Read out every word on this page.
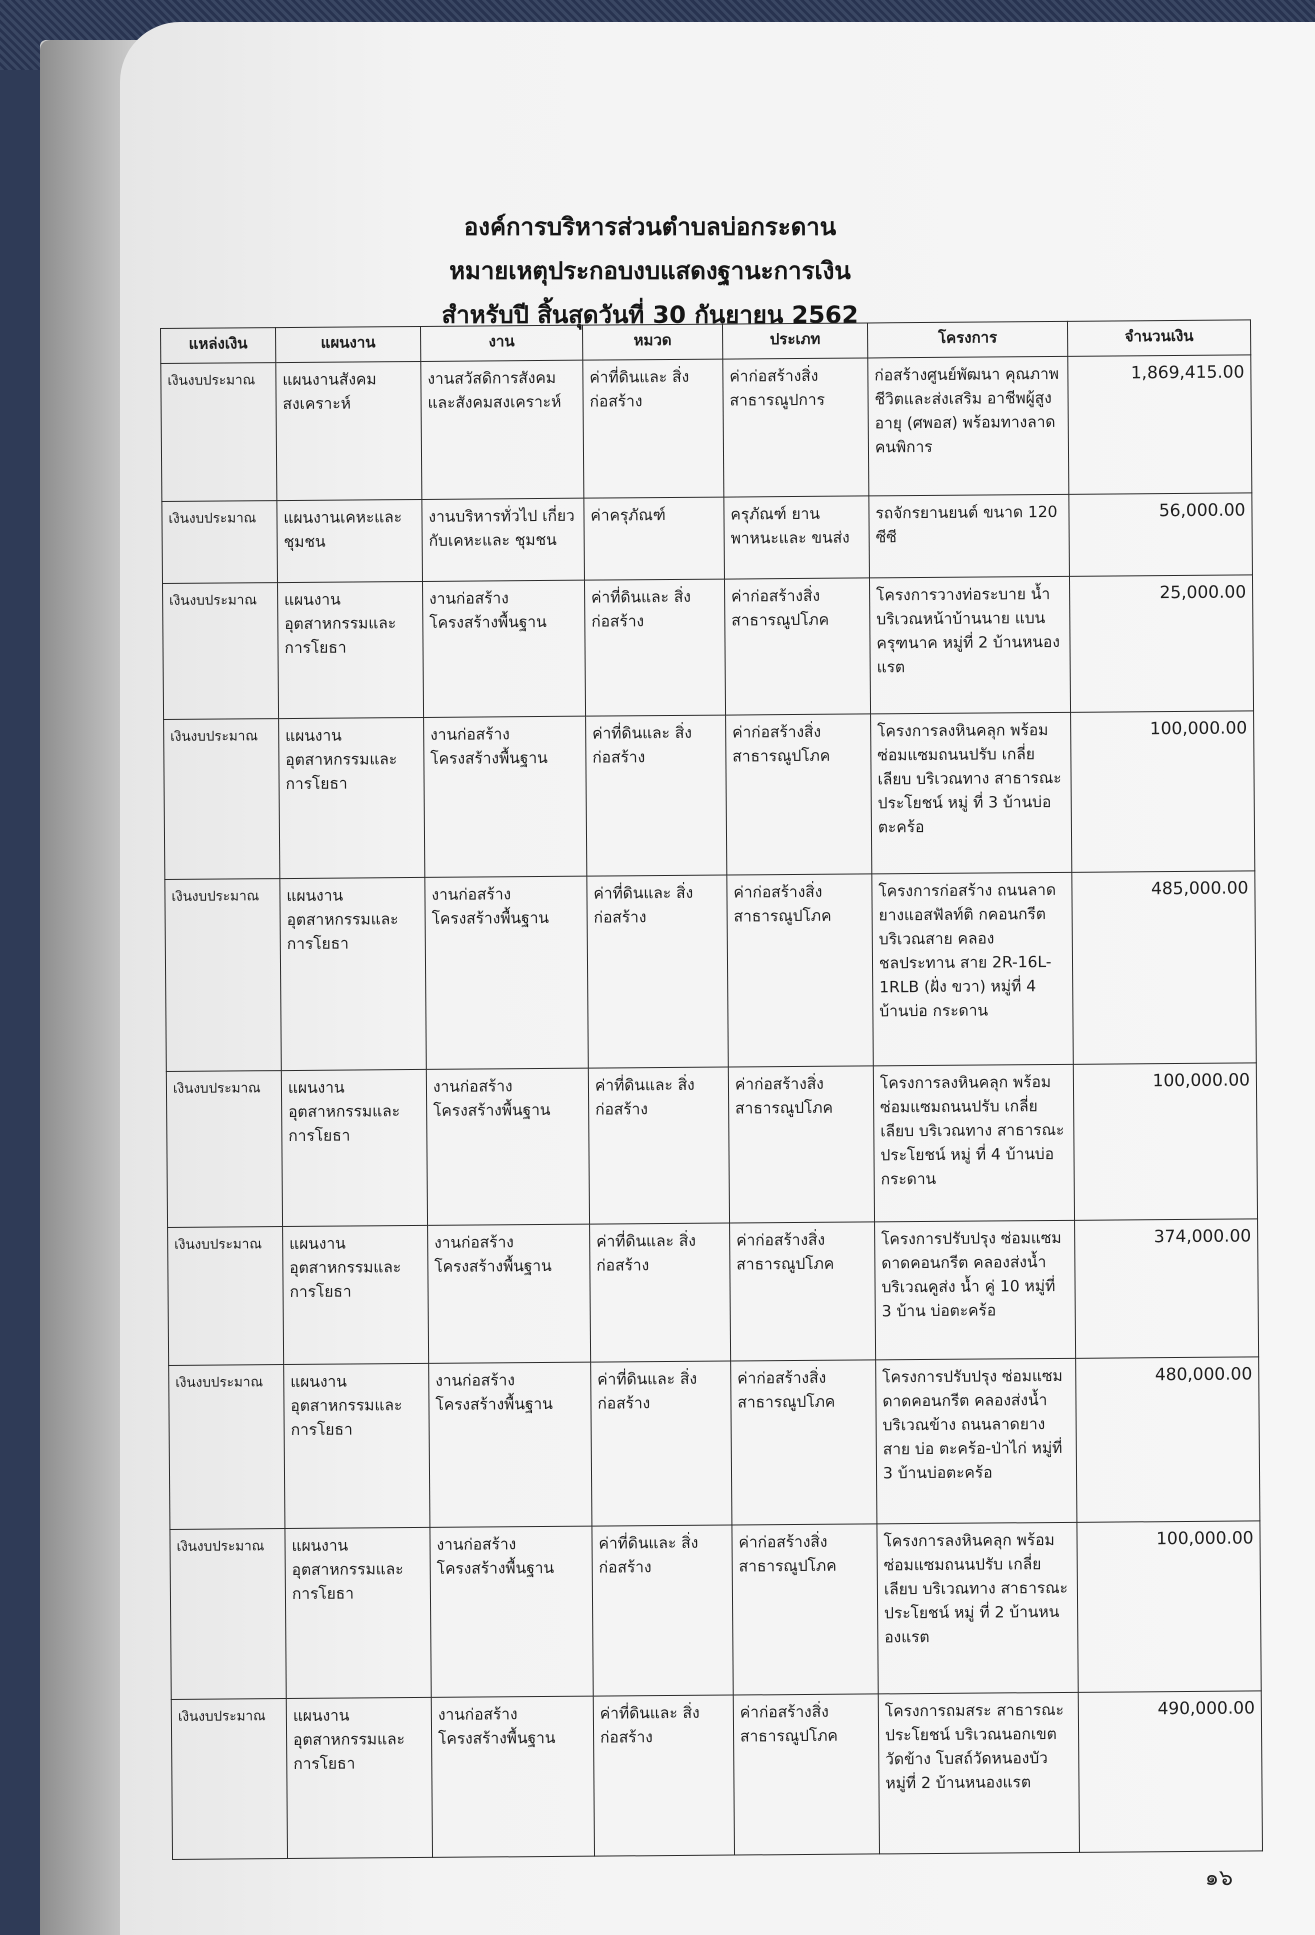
องค์การบริหารส่วนตำบลบ่อกระดาน
หมายเหตุประกอบงบแสดงฐานะการเงิน
สำหรับปี สิ้นสุดวันที่ 30 กันยายน 2562
แหล่งเงิน	แผนงาน	งาน	หมวด	ประเภท	โครงการ	จำนวนเงิน
เงินงบประมาณ	แผนงานสังคม สงเคราะห์	งานสวัสดิการสังคม และสังคมสงเคราะห์	ค่าที่ดินและ สิ่งก่อสร้าง	ค่าก่อสร้างสิ่ง สาธารณูปการ	ก่อสร้างศูนย์พัฒนา คุณภาพชีวิตและส่งเสริม อาชีพผู้สูงอายุ (ศพอส) พร้อมทางลาดคนพิการ	1,869,415.00
เงินงบประมาณ	แผนงานเคหะและ ชุมชน	งานบริหารทั่วไป เกี่ยวกับเคหะและ ชุมชน	ค่าครุภัณฑ์	ครุภัณฑ์ ยานพาหนะและ ขนส่ง	รถจักรยานยนต์ ขนาด 120 ซีซี	56,000.00
เงินงบประมาณ	แผนงาน อุตสาหกรรมและ การโยธา	งานก่อสร้าง โครงสร้างพื้นฐาน	ค่าที่ดินและ สิ่งก่อสร้าง	ค่าก่อสร้างสิ่ง สาธารณูปโภค	โครงการวางท่อระบาย น้ำ บริเวณหน้าบ้านนาย แบน ครุฑนาค หมู่ที่ 2 บ้านหนองแรต	25,000.00
เงินงบประมาณ	แผนงาน อุตสาหกรรมและ การโยธา	งานก่อสร้าง โครงสร้างพื้นฐาน	ค่าที่ดินและ สิ่งก่อสร้าง	ค่าก่อสร้างสิ่ง สาธารณูปโภค	โครงการลงหินคลุก พร้อมซ่อมแซมถนนปรับ เกลี่ยเลียบ บริเวณทาง สาธารณะประโยชน์ หมู่ ที่ 3 บ้านบ่อตะคร้อ	100,000.00
เงินงบประมาณ	แผนงาน อุตสาหกรรมและ การโยธา	งานก่อสร้าง โครงสร้างพื้นฐาน	ค่าที่ดินและ สิ่งก่อสร้าง	ค่าก่อสร้างสิ่ง สาธารณูปโภค	โครงการก่อสร้าง ถนนลาดยางแอสฟัลท์ติ กคอนกรีต บริเวณสาย คลองชลประทาน สาย 2R-16L-1RLB (ฝั่ง ขวา) หมู่ที่ 4 บ้านบ่อ กระดาน	485,000.00
เงินงบประมาณ	แผนงาน อุตสาหกรรมและ การโยธา	งานก่อสร้าง โครงสร้างพื้นฐาน	ค่าที่ดินและ สิ่งก่อสร้าง	ค่าก่อสร้างสิ่ง สาธารณูปโภค	โครงการลงหินคลุก พร้อมซ่อมแซมถนนปรับ เกลี่ยเลียบ บริเวณทาง สาธารณะประโยชน์ หมู่ ที่ 4 บ้านบ่อกระดาน	100,000.00
เงินงบประมาณ	แผนงาน อุตสาหกรรมและ การโยธา	งานก่อสร้าง โครงสร้างพื้นฐาน	ค่าที่ดินและ สิ่งก่อสร้าง	ค่าก่อสร้างสิ่ง สาธารณูปโภค	โครงการปรับปรุง ซ่อมแซมดาดคอนกรีต คลองส่งน้ำ บริเวณคูส่ง น้ำ คู่ 10 หมู่ที่ 3 บ้าน บ่อตะคร้อ	374,000.00
เงินงบประมาณ	แผนงาน อุตสาหกรรมและ การโยธา	งานก่อสร้าง โครงสร้างพื้นฐาน	ค่าที่ดินและ สิ่งก่อสร้าง	ค่าก่อสร้างสิ่ง สาธารณูปโภค	โครงการปรับปรุง ซ่อมแซมดาดคอนกรีต คลองส่งน้ำ บริเวณข้าง ถนนลาดยางสาย บ่อ ตะคร้อ-ป่าไก่ หมู่ที่ 3 บ้านบ่อตะคร้อ	480,000.00
เงินงบประมาณ	แผนงาน อุตสาหกรรมและ การโยธา	งานก่อสร้าง โครงสร้างพื้นฐาน	ค่าที่ดินและ สิ่งก่อสร้าง	ค่าก่อสร้างสิ่ง สาธารณูปโภค	โครงการลงหินคลุก พร้อมซ่อมแซมถนนปรับ เกลี่ยเลียบ บริเวณทาง สาธารณะประโยชน์ หมู่ ที่ 2 บ้านหนองแรต	100,000.00
เงินงบประมาณ	แผนงาน อุตสาหกรรมและ การโยธา	งานก่อสร้าง โครงสร้างพื้นฐาน	ค่าที่ดินและ สิ่งก่อสร้าง	ค่าก่อสร้างสิ่ง สาธารณูปโภค	โครงการถมสระ สาธารณะประโยชน์ บริเวณนอกเขตวัดข้าง โบสถ์วัดหนองบัว หมู่ที่ 2 บ้านหนองแรต	490,000.00
๑๖
